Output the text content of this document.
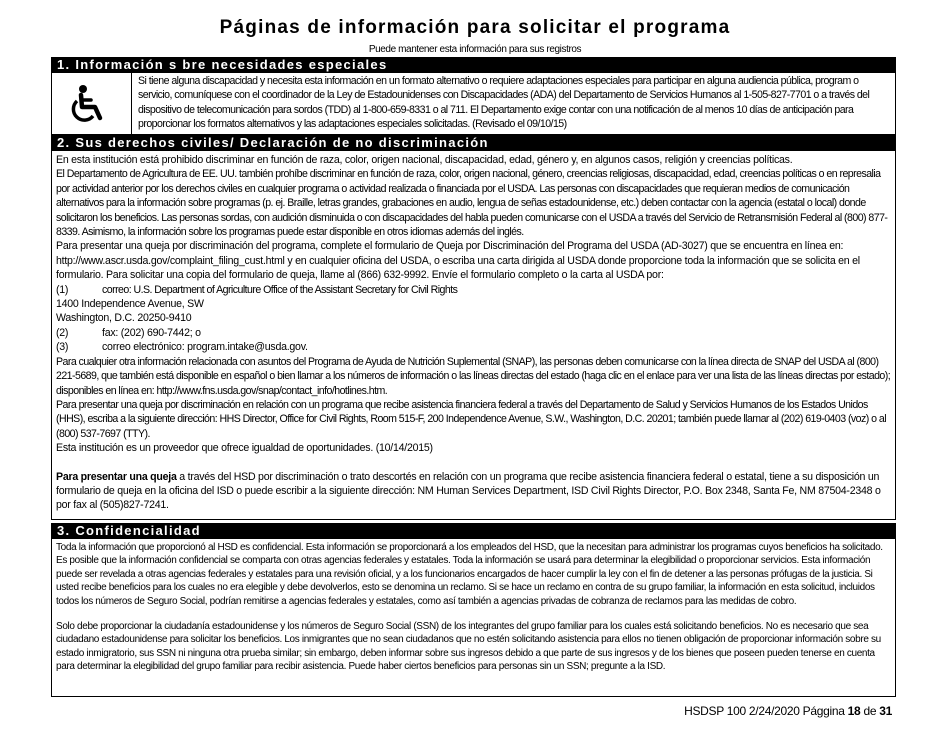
Páginas de información para solicitar el programa
Puede mantener esta información para sus registros
1. Información s bre necesidades especiales
Si tiene alguna discapacidad y necesita esta información en un formato alternativo o requiere adaptaciones especiales para participar en alguna audiencia pública, program o servicio, comuníquese con el coordinador de la Ley de Estadounidenses con Discapacidades (ADA) del Departamento de Servicios Humanos al 1-505-827-7701 o a través del dispositivo de telecomunicación para sordos (TDD) al 1-800-659-8331 o al 711. El Departamento exige contar con una notificación de al menos 10 días de anticipación para proporcionar los formatos alternativos y las adaptaciones especiales solicitadas. (Revisado el 09/10/15)
2. Sus derechos civiles/ Declaración de no discriminación

En esta institución está prohibido discriminar en función de raza, color, origen nacional, discapacidad, edad, género y, en algunos casos, religión y creencias políticas.

El Departamento de Agricultura de EE. UU. también prohíbe discriminar en función de raza, color, origen nacional, género, creencias religiosas, discapacidad, edad, creencias políticas o en represalia por actividad anterior por los derechos civiles en cualquier programa o actividad realizada o financiada por el USDA. Las personas con discapacidades que requieran medios de comunicación alternativos para la información sobre programas (p. ej. Braille, letras grandes, grabaciones en audio, lengua de señas estadounidense, etc.) deben contactar con la agencia (estatal o local) donde solicitaron los beneficios. Las personas sordas, con audición disminuida o con discapacidades del habla pueden comunicarse con el USDA a través del Servicio de Retransmisión Federal al (800) 877-8339. Asimismo, la información sobre los programas puede estar disponible en otros idiomas además del inglés.

Para presentar una queja por discriminación del programa, complete el formulario de Queja por Discriminación del Programa del USDA (AD-3027) que se encuentra en línea en: http://www.ascr.usda.gov/complaint_filing_cust.html y en cualquier oficina del USDA, o escriba una carta dirigida al USDA donde proporcione toda la información que se solicita en el formulario. Para solicitar una copia del formulario de queja, llame al (866) 632-9992. Envíe el formulario completo o la carta al USDA por:

(1)	correo: U.S. Department of Agriculture Office of the Assistant Secretary for Civil Rights

1400 Independence Avenue, SW

Washington, D.C. 20250-9410

(2)	fax: (202) 690-7442; o

(3)	correo electrónico: program.intake@usda.gov.

Para cualquier otra información relacionada con asuntos del Programa de Ayuda de Nutrición Suplemental (SNAP), las personas deben comunicarse con la línea directa de SNAP del USDA al (800) 221-5689, que también está disponible en español o bien llamar a los números de información o las líneas directas del estado (haga clic en el enlace para ver una lista de las líneas directas por estado); disponibles en línea en: http://www.fns.usda.gov/snap/contact_info/hotlines.htm.

Para presentar una queja por discriminación en relación con un programa que recibe asistencia financiera federal a través del Departamento de Salud y Servicios Humanos de los Estados Unidos (HHS), escriba a la siguiente dirección: HHS Director, Office for Civil Rights, Room 515-F, 200 Independence Avenue, S.W., Washington, D.C. 20201; también puede llamar al (202) 619-0403 (voz) o al (800) 537-7697 (TTY).

Esta institución es un proveedor que ofrece igualdad de oportunidades. (10/14/2015)

Para presentar una queja a través del HSD por discriminación o trato descortés en relación con un programa que recibe asistencia financiera federal o estatal, tiene a su disposición un formulario de queja en la oficina del ISD o puede escribir a la siguiente dirección: NM Human Services Department, ISD Civil Rights Director, P.O. Box 2348, Santa Fe, NM 87504-2348 o por fax al (505)827-7241.

3. Confidencialidad

Toda la información que proporcionó al HSD es confidencial. Esta información se proporcionará a los empleados del HSD, que la necesitan para administrar los programas cuyos beneficios ha solicitado. Es posible que la información confidencial se comparta con otras agencias federales y estatales. Toda la información se usará para determinar la elegibilidad o proporcionar servicios. Esta información puede ser revelada a otras agencias federales y estatales para una revisión oficial, y a los funcionarios encargados de hacer cumplir la ley con el fin de detener a las personas prófugas de la justicia. Si usted recibe beneficios para los cuales no era elegible y debe devolverlos, esto se denomina un reclamo. Si se hace un reclamo en contra de su grupo familiar, la información en esta solicitud, incluidos todos los números de Seguro Social, podrían remitirse a agencias federales y estatales, como así también a agencias privadas de cobranza de reclamos para las medidas de cobro.

Solo debe proporcionar la ciudadanía estadounidense y los números de Seguro Social (SSN) de los integrantes del grupo familiar para los cuales está solicitando beneficios. No es necesario que sea ciudadano estadounidense para solicitar los beneficios. Los inmigrantes que no sean ciudadanos que no estén solicitando asistencia para ellos no tienen obligación de proporcionar información sobre su estado inmigratorio, sus SSN ni ninguna otra prueba similar; sin embargo, deben informar sobre sus ingresos debido a que parte de sus ingresos y de los bienes que poseen pueden tenerse en cuenta para determinar la elegibilidad del grupo familiar para recibir asistencia. Puede haber ciertos beneficios para personas sin un SSN; pregunte a la ISD.

HSDSP 100 2/24/2020 Pággina 18 de 31
